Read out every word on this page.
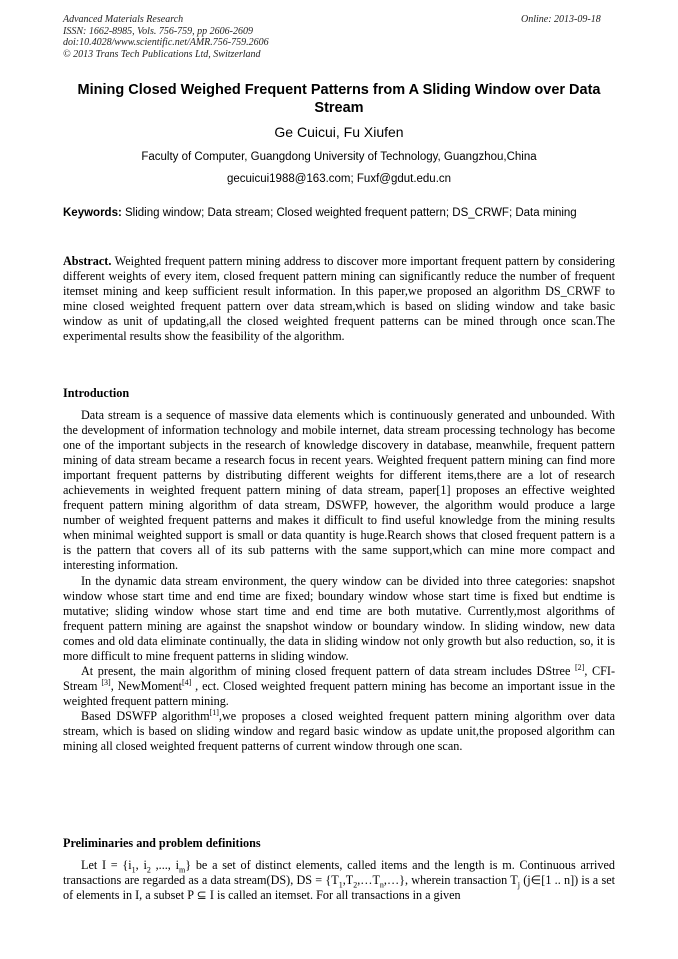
Advanced Materials Research
ISSN: 1662-8985, Vols. 756-759, pp 2606-2609
doi:10.4028/www.scientific.net/AMR.756-759.2606
© 2013 Trans Tech Publications Ltd, Switzerland
Online: 2013-09-18
Mining Closed Weighed Frequent Patterns from A Sliding Window over Data Stream
Ge Cuicui, Fu Xiufen
Faculty of Computer, Guangdong University of Technology, Guangzhou,China
gecuicui1988@163.com; Fuxf@gdut.edu.cn
Keywords: Sliding window; Data stream; Closed weighted frequent pattern; DS_CRWF; Data mining
Abstract. Weighted frequent pattern mining address to discover more important frequent pattern by considering different weights of every item, closed frequent pattern mining can significantly reduce the number of frequent itemset mining and keep sufficient result information. In this paper,we proposed an algorithm DS_CRWF to mine closed weighted frequent pattern over data stream,which is based on sliding window and take basic window as unit of updating,all the closed weighted frequent patterns can be mined through once scan.The experimental results show the feasibility of the algorithm.
Introduction

Data stream is a sequence of massive data elements which is continuously generated and unbounded. With the development of information technology and mobile internet, data stream processing technology has become one of the important subjects in the research of knowledge discovery in database, meanwhile, frequent pattern mining of data stream became a research focus in recent years. Weighted frequent pattern mining can find more important frequent patterns by distributing different weights for different items,there are a lot of research achievements in weighted frequent pattern mining of data stream, paper[1] proposes an effective weighted frequent pattern mining algorithm of data stream, DSWFP, however, the algorithm would produce a large number of weighted frequent patterns and makes it difficult to find useful knowledge from the mining results when minimal weighted support is small or data quantity is huge.Rearch shows that closed frequent pattern is a is the pattern that covers all of its sub patterns with the same support,which can mine more compact and interesting information.

In the dynamic data stream environment, the query window can be divided into three categories: snapshot window whose start time and end time are fixed; boundary window whose start time is fixed but endtime is mutative; sliding window whose start time and end time are both mutative. Currently,most algorithms of frequent pattern mining are against the snapshot window or boundary window. In sliding window, new data comes and old data eliminate continually, the data in sliding window not only growth but also reduction, so, it is more difficult to mine frequent patterns in sliding window.

At present, the main algorithm of mining closed frequent pattern of data stream includes DStree [2], CFI-Stream [3], NewMoment[4] , ect. Closed weighted frequent pattern mining has become an important issue in the weighted frequent pattern mining.

Based DSWFP algorithm[1],we proposes a closed weighted frequent pattern mining algorithm over data stream, which is based on sliding window and regard basic window as update unit,the proposed algorithm can mining all closed weighted frequent patterns of current window through one scan.

Preliminaries and problem definitions

Let $I = \{i_1$, $i_2$ ,..., $i_m$} be a set of distinct elements, called items and the length is m. Continuous arrived transactions are regarded as a data stream(DS), DS = $\{T_1,T_2,\dots T_n,\dots\}$, wherein transaction $T_j$ (j∈[1 .. n]) is a set of elements in I, a subset P ⊆ I is called an itemset. For all transactions in a given
